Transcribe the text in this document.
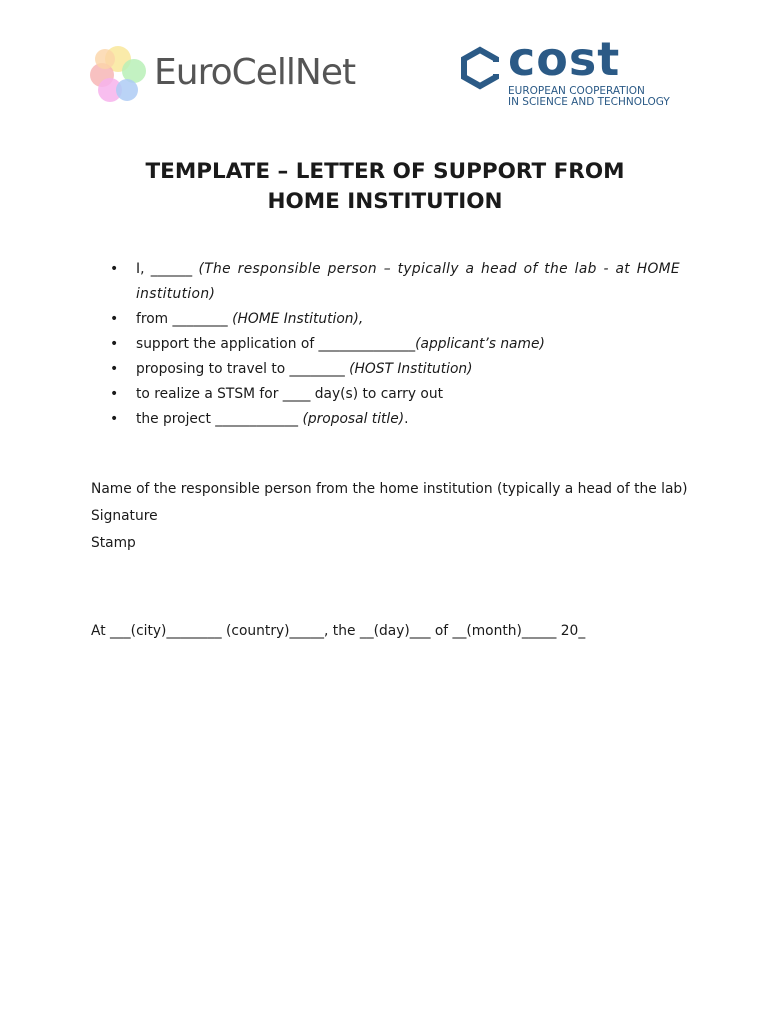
EuroCellNet	cost
EUROPEAN COOPERATION
IN SCIENCE AND TECHNOLOGY
TEMPLATE – LETTER OF SUPPORT FROM
HOME INSTITUTION
• I, ______ (The responsible person – typically a head of the lab - at HOME institution)
• from ________ (HOME Institution),
• support the application of ______________(applicant’s name)
• proposing to travel to ________ (HOST Institution)
• to realize a STSM for ____ day(s) to carry out
• the project ____________ (proposal title).
Name of the responsible person from the home institution (typically a head of the lab)
Signature
Stamp
At ___(city)________ (country)_____, the __(day)___ of __(month)_____ 20_
